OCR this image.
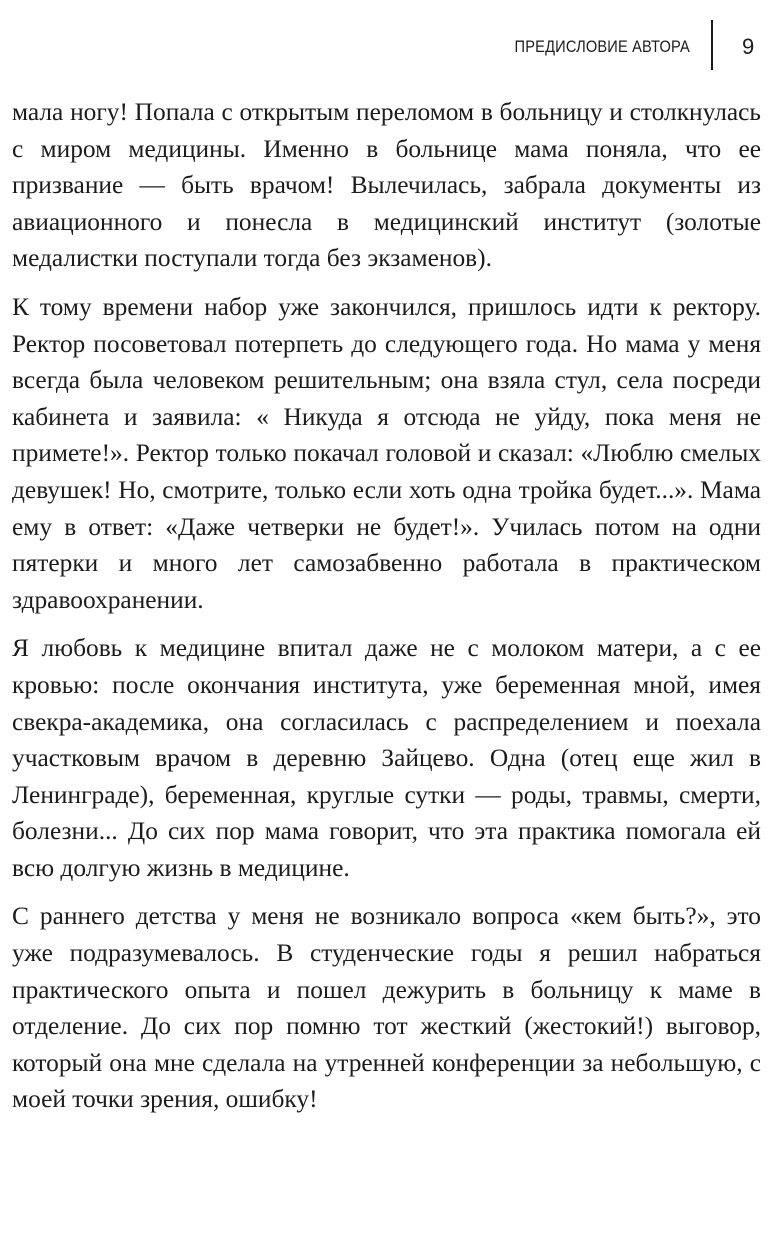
ПРЕДИСЛОВИЕ АВТОРА 9

мала ногу! Попала с открытым переломом в больницу и столкнулась с миром медицины. Именно в больнице мама поняла, что ее призвание — быть врачом! Вылечилась, забрала документы из авиационного и понесла в медицинский институт (золотые медалистки поступали тогда без экзаменов).

К тому времени набор уже закончился, пришлось идти к ректору. Ректор посоветовал потерпеть до следующего года. Но мама у меня всегда была человеком решительным; она взяла стул, села посреди кабинета и заявила: « Никуда я отсюда не уйду, пока меня не примете!». Ректор только покачал головой и сказал: «Люблю смелых девушек! Но, смотрите, только если хоть одна тройка будет...». Мама ему в ответ: «Даже четверки не будет!». Училась потом на одни пятерки и много лет самозабвенно работала в практическом здравоохранении.

Я любовь к медицине впитал даже не с молоком матери, а с ее кровью: после окончания института, уже беременная мной, имея свекра-академика, она согласилась с распределением и поехала участковым врачом в деревню Зайцево. Одна (отец еще жил в Ленинграде), беременная, круглые сутки — роды, травмы, смерти, болезни... До сих пор мама говорит, что эта практика помогала ей всю долгую жизнь в медицине.

С раннего детства у меня не возникало вопроса «кем быть?», это уже подразумевалось. В студенческие годы я решил набраться практического опыта и пошел дежурить в больницу к маме в отделение. До сих пор помню тот жесткий (жестокий!) выговор, который она мне сделала на утренней конференции за небольшую, с моей точки зрения, ошибку!
